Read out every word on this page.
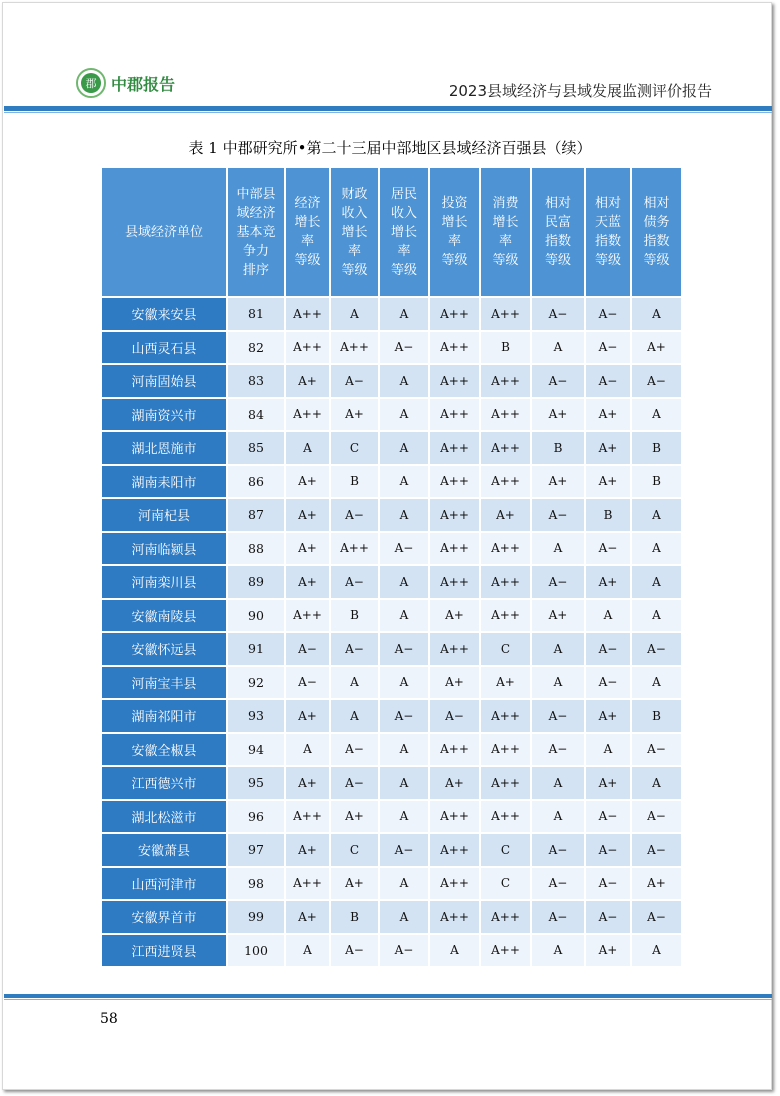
郡 中郡报告	2023县域经济与县域发展监测评价报告
表 1 中郡研究所•第二十三届中部地区县域经济百强县（续）
县域经济单位	中部县
域经济
基本竞
争力
排序	经济
增长
率
等级	财政
收入
增长
率
等级	居民
收入
增长
率
等级	投资
增长
率
等级	消费
增长
率
等级	相对
民富
指数
等级	相对
天蓝
指数
等级	相对
债务
指数
等级
安徽来安县	81	A++	A	A	A++	A++	A−	A−	A
山西灵石县	82	A++	A++	A−	A++	B	A	A−	A+
河南固始县	83	A+	A−	A	A++	A++	A−	A−	A−
湖南资兴市	84	A++	A+	A	A++	A++	A+	A+	A
湖北恩施市	85	A	C	A	A++	A++	B	A+	B
湖南耒阳市	86	A+	B	A	A++	A++	A+	A+	B
河南杞县	87	A+	A−	A	A++	A+	A−	B	A
河南临颍县	88	A+	A++	A−	A++	A++	A	A−	A
河南栾川县	89	A+	A−	A	A++	A++	A−	A+	A
安徽南陵县	90	A++	B	A	A+	A++	A+	A	A
安徽怀远县	91	A−	A−	A−	A++	C	A	A−	A−
河南宝丰县	92	A−	A	A	A+	A+	A	A−	A
湖南祁阳市	93	A+	A	A−	A−	A++	A−	A+	B
安徽全椒县	94	A	A−	A	A++	A++	A−	A	A−
江西德兴市	95	A+	A−	A	A+	A++	A	A+	A
湖北松滋市	96	A++	A+	A	A++	A++	A	A−	A−
安徽萧县	97	A+	C	A−	A++	C	A−	A−	A−
山西河津市	98	A++	A+	A	A++	C	A−	A−	A+
安徽界首市	99	A+	B	A	A++	A++	A−	A−	A−
江西进贤县	100	A	A−	A−	A	A++	A	A+	A
58
